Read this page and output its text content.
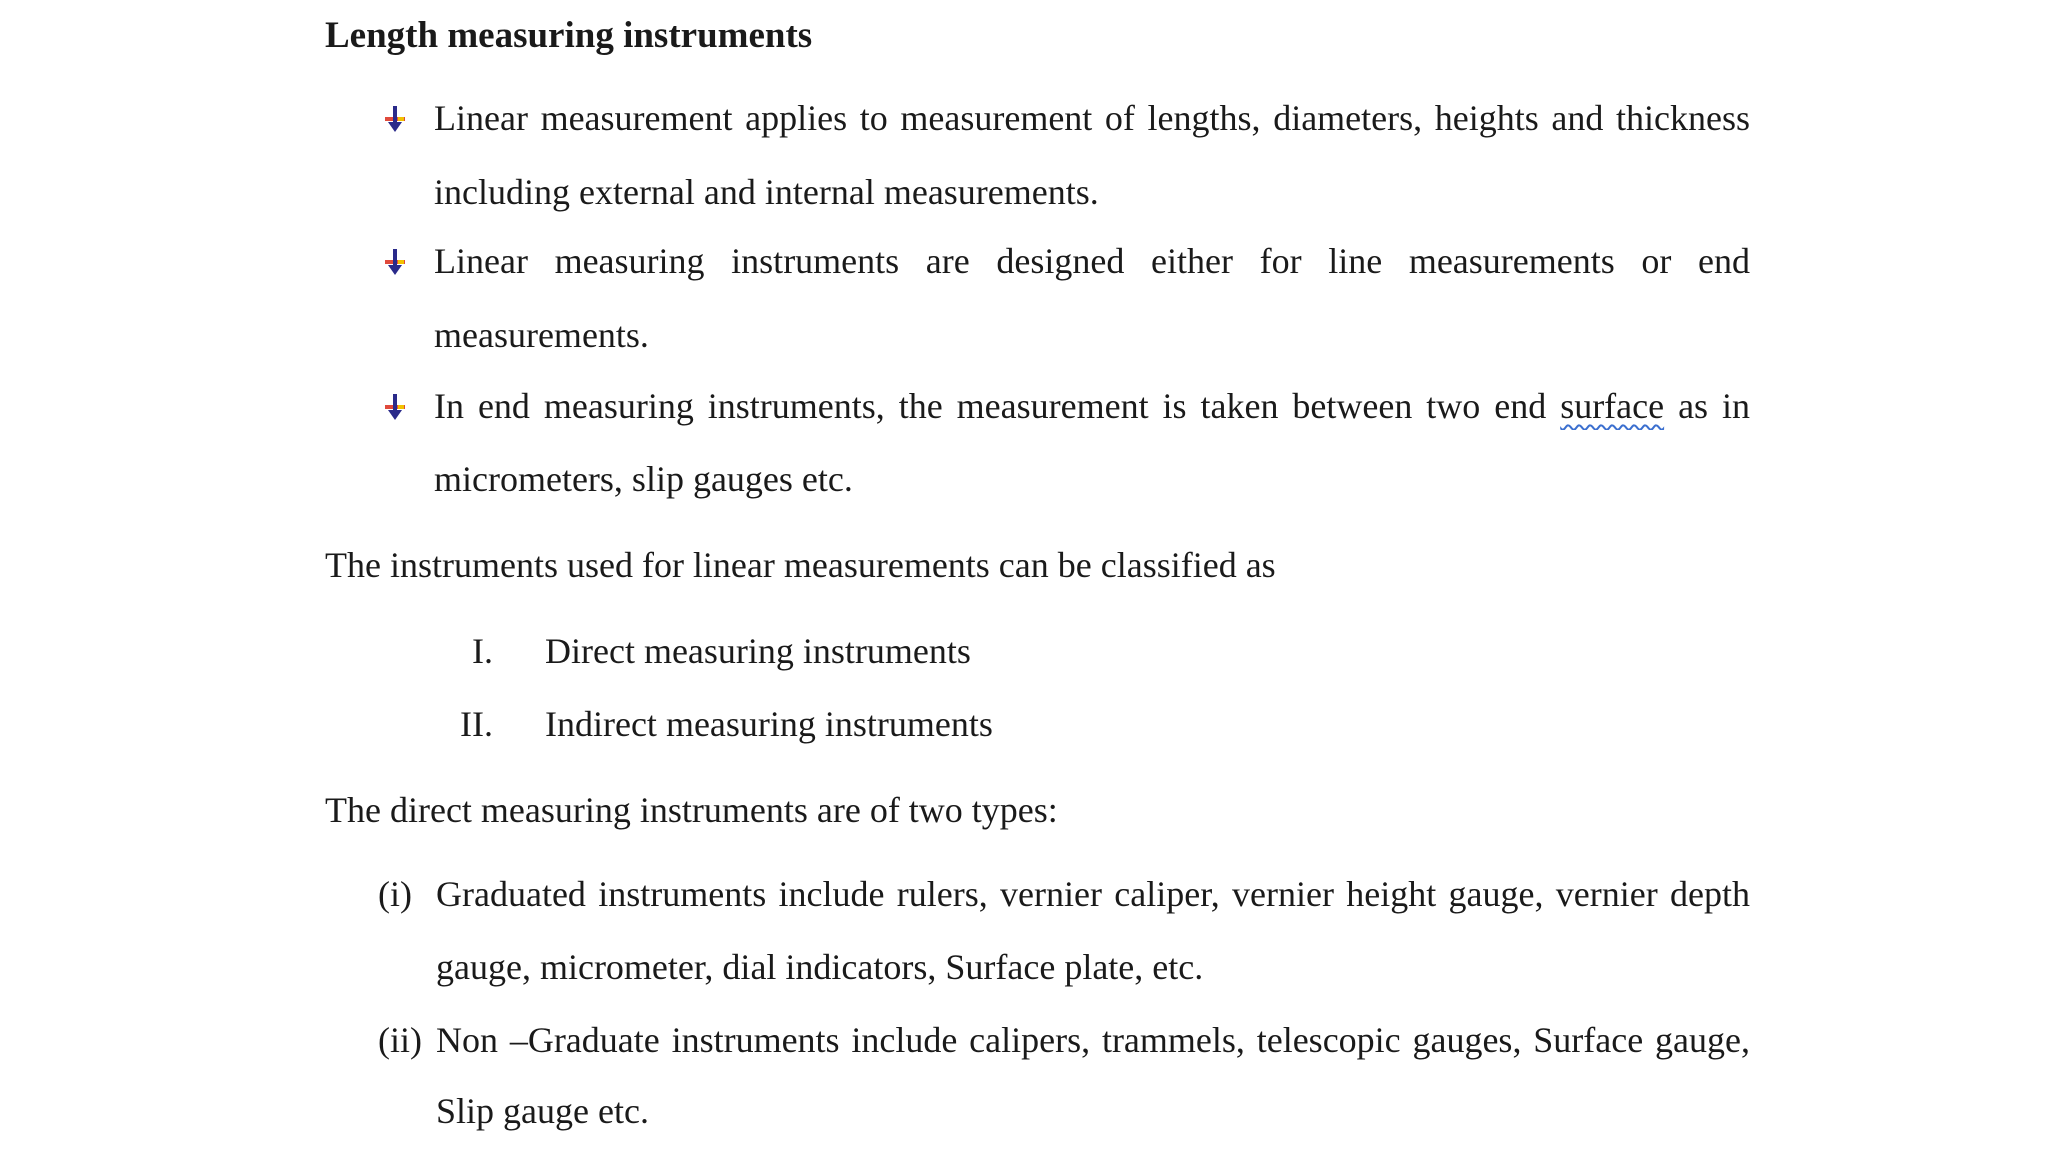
Length measuring instruments
Linear measurement applies to measurement of lengths, diameters, heights and thickness
including external and internal measurements.
Linear measuring instruments are designed either for line measurements or end
measurements.
In end measuring instruments, the measurement is taken between two end surface as in
micrometers, slip gauges etc.
The instruments used for linear measurements can be classified as
I. Direct measuring instruments
II. Indirect measuring instruments
The direct measuring instruments are of two types:
(i) Graduated instruments include rulers, vernier caliper, vernier height gauge, vernier depth
gauge, micrometer, dial indicators, Surface plate, etc.
(ii) Non –Graduate instruments include calipers, trammels, telescopic gauges, Surface gauge,
Slip gauge etc.
